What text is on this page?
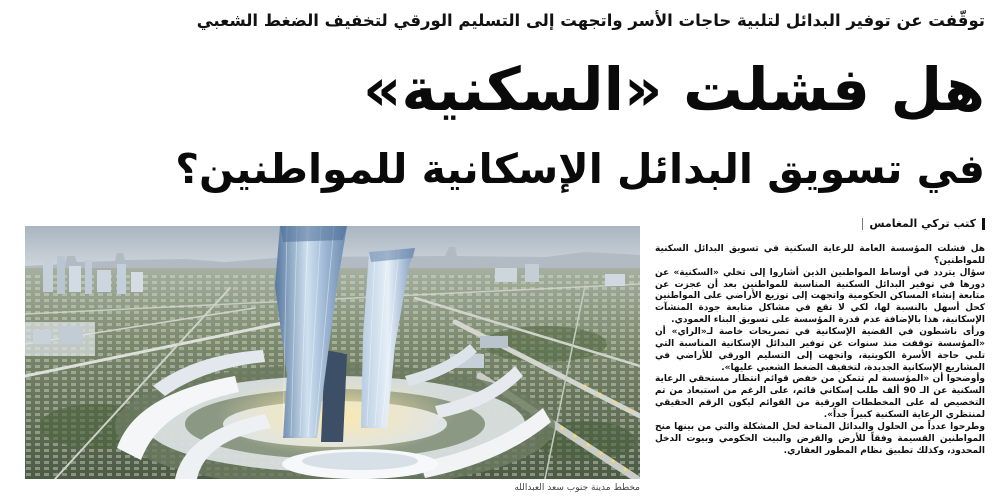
توقّفت عن توفير البدائل لتلبية حاجات الأسر واتجهت إلى التسليم الورقي لتخفيف الضغط الشعبي
هل فشلت «السكنية»
في تسويق البدائل الإسكانية للمواطنين؟
كتب تركي المغامس
مخطط مدينة جنوب سعد العبدالله

هل فشلت المؤسسة العامة للرعاية السكنية في تسويق البدائل السكنية للمواطنين؟

سؤال يتردد في أوساط المواطنين الذين أشاروا إلى تخلي «السكنية» عن دورها في توفير البدائل السكنية المناسبة للمواطنين بعد أن عجزت عن متابعة إنشاء المساكن الحكومية واتجهت إلى توزيع الأراضي على المواطنين كحل أسهل بالنسبة لها، لكي لا تقع في مشاكل متابعة جودة المنشآت الإسكانية، هذا بالإضافة عدم قدرة المؤسسة على تسويق البناء العمودي.

ورأى ناشطون في القضية الإسكانية في تصريحات خاصة لـ«الراي» أن «المؤسسة توقفت منذ سنوات عن توفير البدائل الإسكانية المناسبة التي تلبي حاجة الأسرة الكويتية، واتجهت إلى التسليم الورقي للأراضي في المشاريع الإسكانية الجديدة، لتخفيف الضغط الشعبي عليها».

وأوضحوا أن «المؤسسة لم تتمكن من خفض قوائم انتظار مستحقي الرعاية السكنية عن الـ 90 ألف طلب إسكاني قائم، على الرغم من استبعاد من تم التخصيص له على المخططات الورقية من القوائم ليكون الرقم الحقيقي لمنتظري الرعاية السكنية كبيراً جداً».

وطرحوا عدداً من الحلول والبدائل المتاحة لحل المشكلة والتي من بينها منح المواطنين القسيمة وفقاً للأرض والقرض والبيت الحكومي وبيوت الدخل المحدود، وكذلك تطبيق نظام المطور العقاري.
